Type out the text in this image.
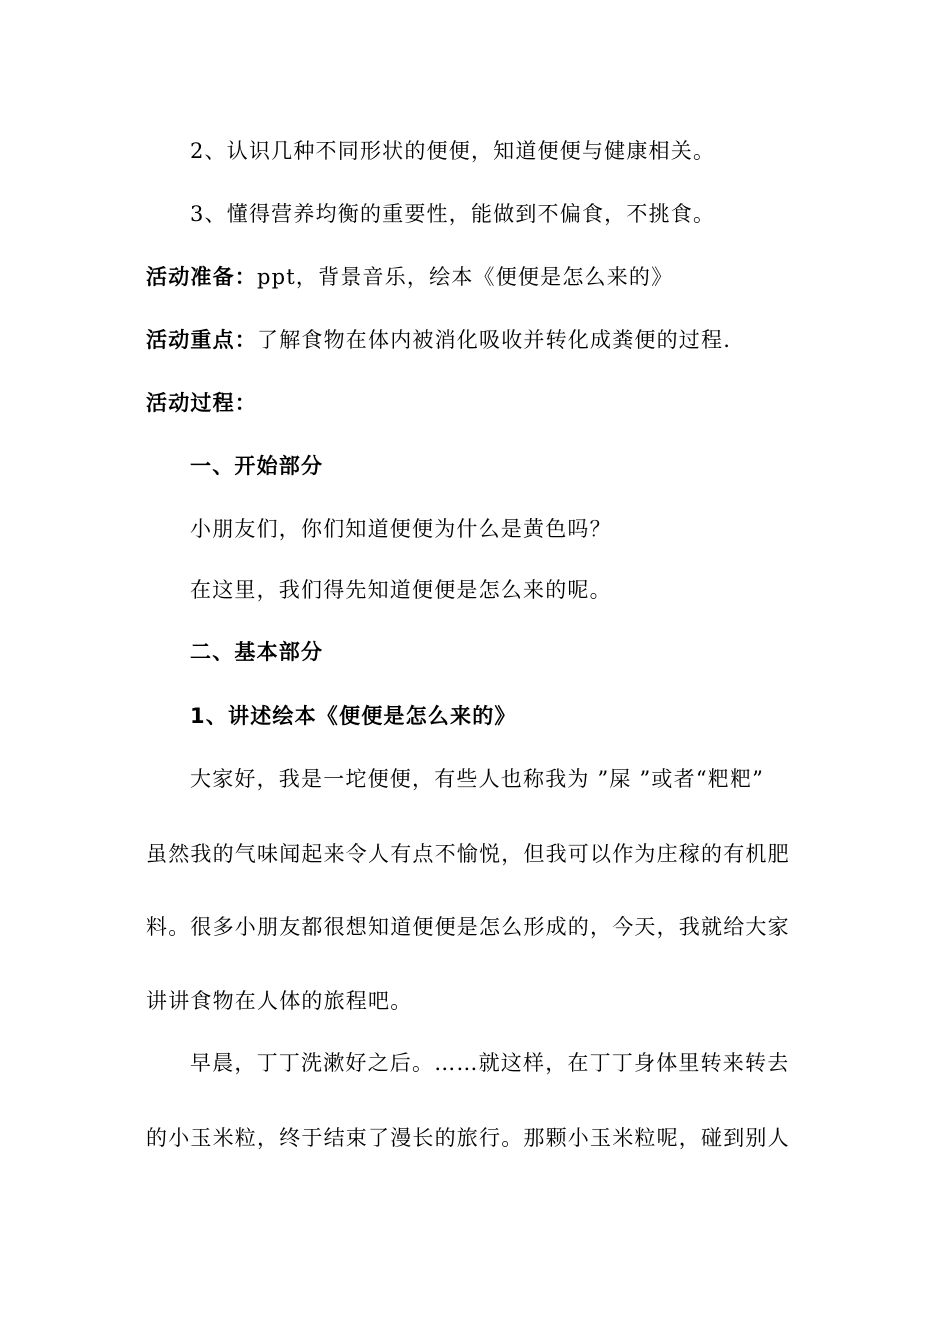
2、认识几种不同形状的便便，知道便便与健康相关。
3、懂得营养均衡的重要性，能做到不偏食，不挑食。
活动准备：ppt，背景音乐，绘本《便便是怎么来的》
活动重点：了解食物在体内被消化吸收并转化成粪便的过程.
活动过程：
一、开始部分
小朋友们，你们知道便便为什么是黄色吗？
在这里，我们得先知道便便是怎么来的呢。
二、基本部分
1、讲述绘本《便便是怎么来的》
大家好，我是一坨便便，有些人也称我为 ”屎 ”或者“粑粑”
虽然我的气味闻起来令人有点不愉悦，但我可以作为庄稼的有机肥
料。很多小朋友都很想知道便便是怎么形成的，今天，我就给大家
讲讲食物在人体的旅程吧。
早晨，丁丁洗漱好之后。……就这样，在丁丁身体里转来转去
的小玉米粒，终于结束了漫长的旅行。那颗小玉米粒呢，碰到别人
